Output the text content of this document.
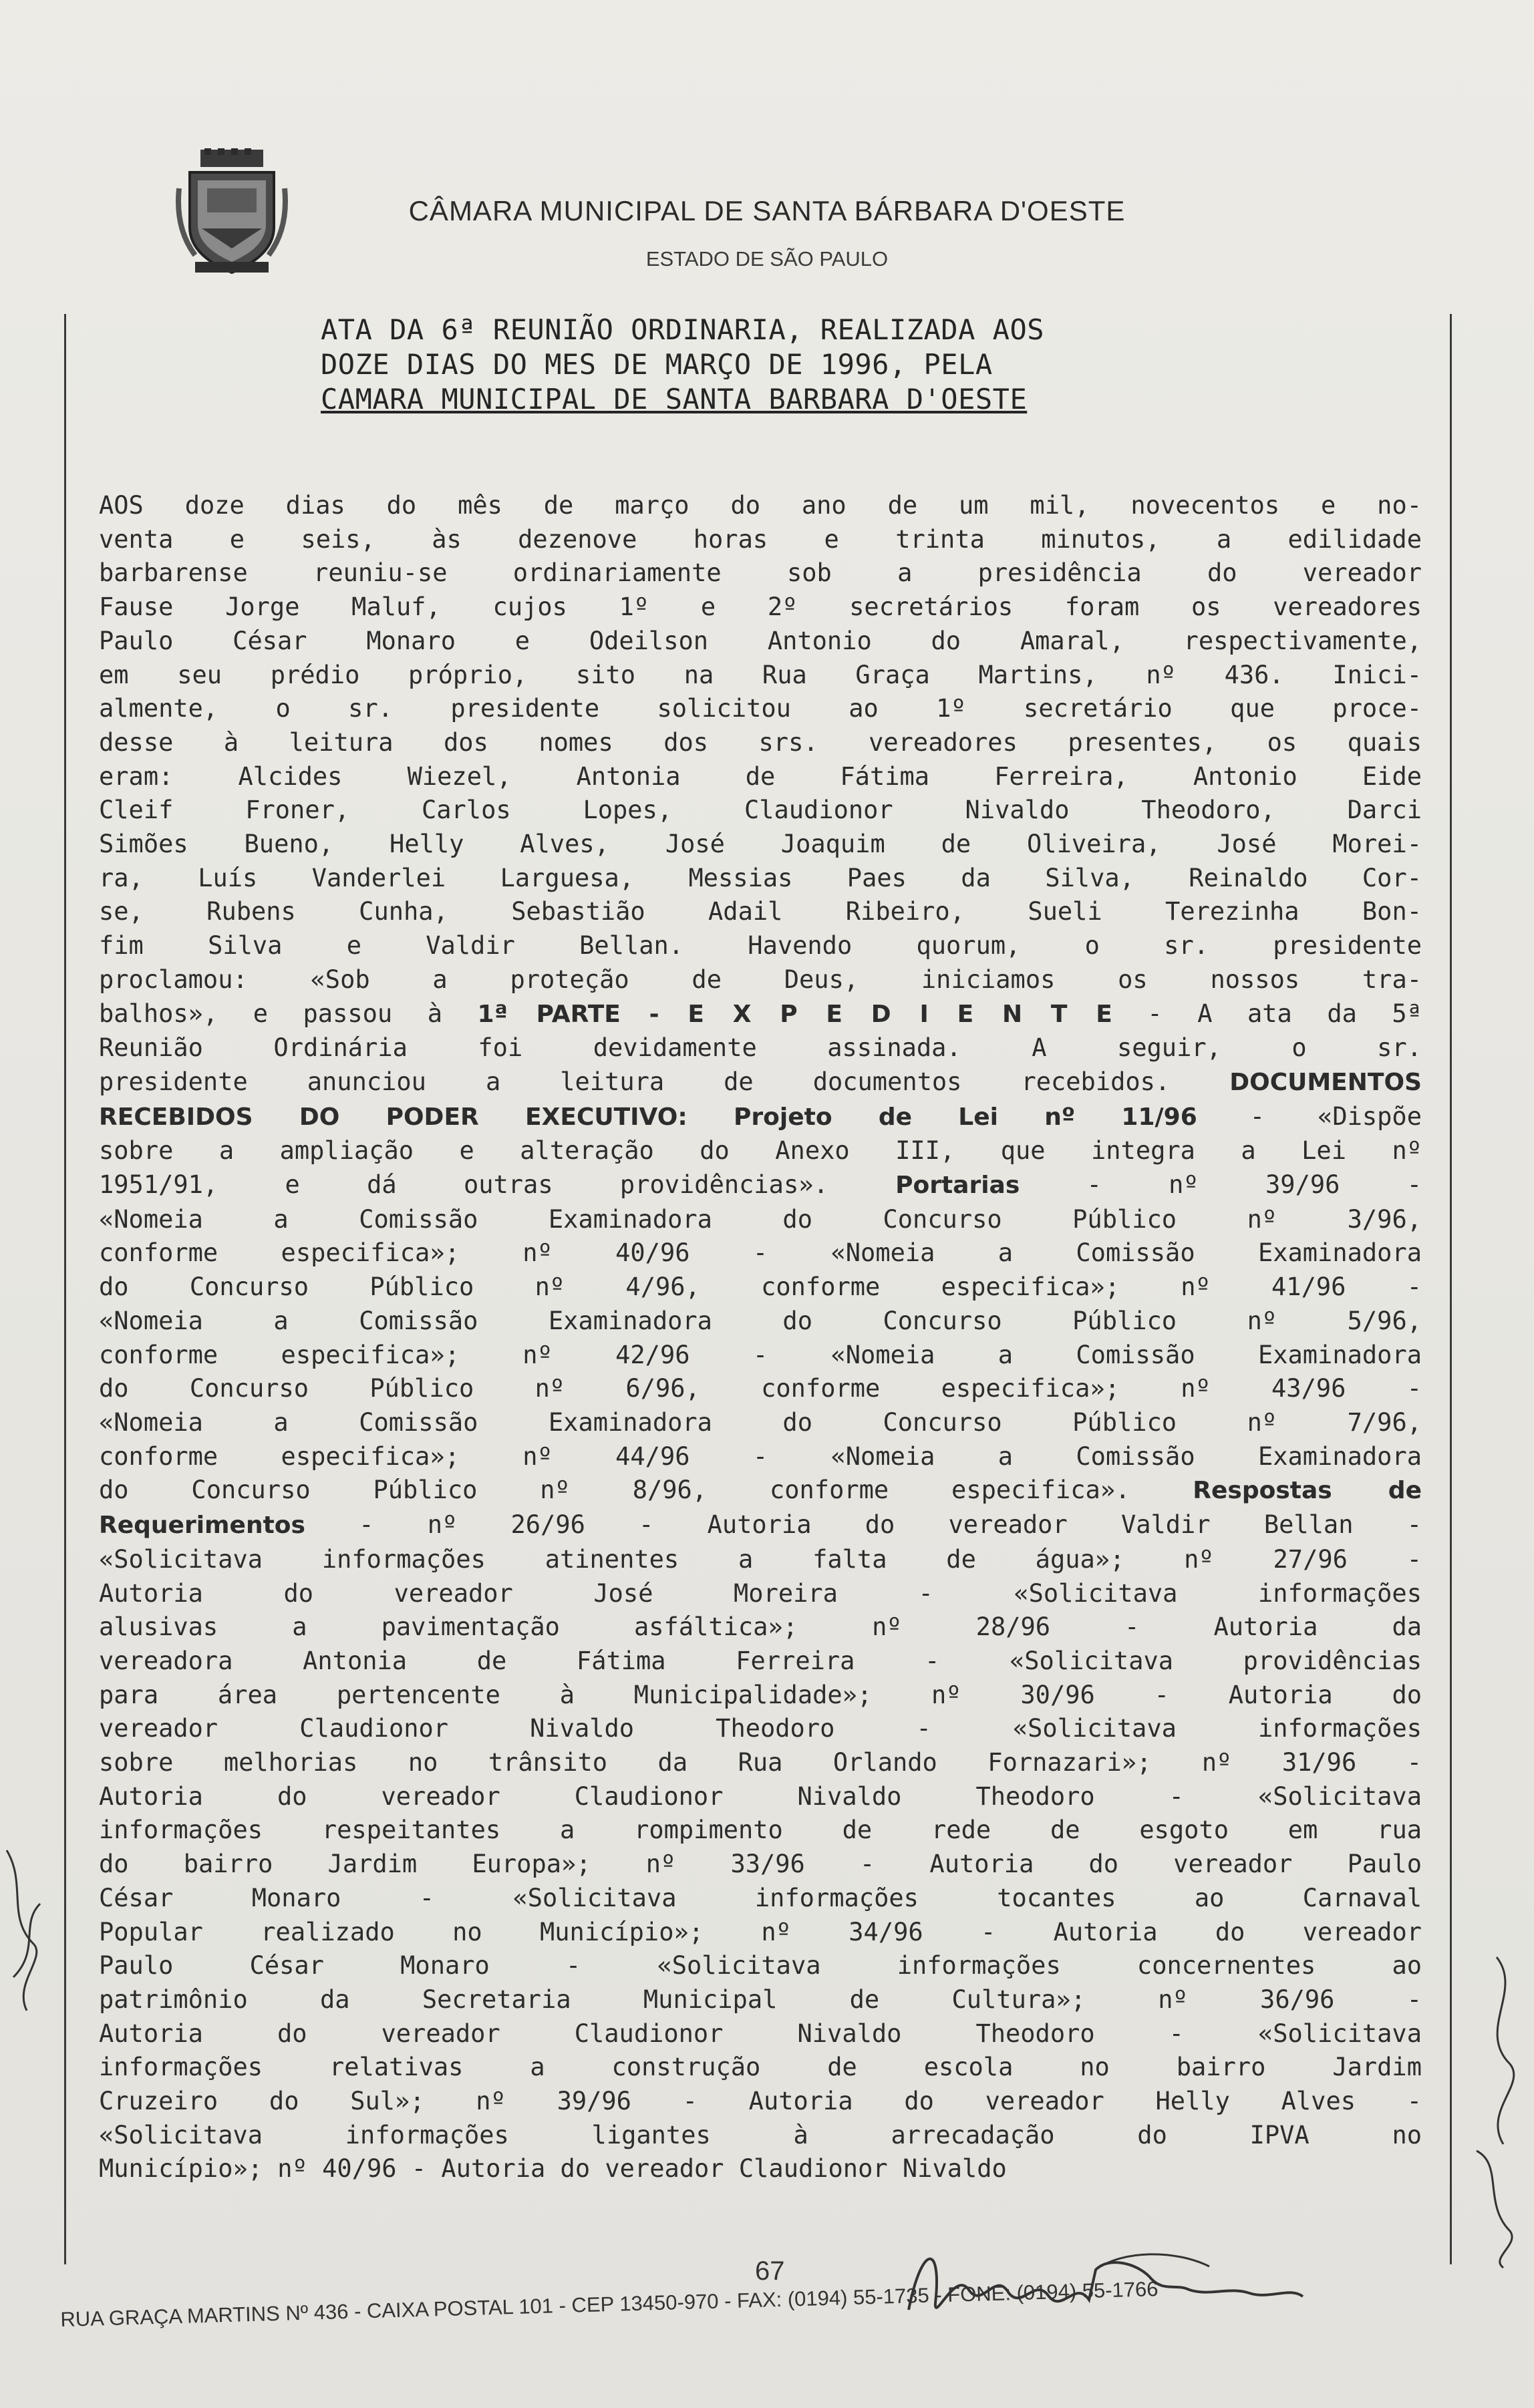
CÂMARA MUNICIPAL DE SANTA BÁRBARA D'OESTE
ESTADO DE SÃO PAULO
ATA DA 6ª REUNIÃO ORDINARIA, REALIZADA AOS
DOZE DIAS DO MES DE MARÇO DE 1996, PELA
CAMARA MUNICIPAL DE SANTA BARBARA D'OESTE
AOS doze dias do mês de março do ano de um mil, novecentos e no-
venta e seis, às dezenove horas e trinta minutos, a edilidade
barbarense reuniu-se ordinariamente sob a presidência do vereador
Fause Jorge Maluf, cujos 1º e 2º secretários foram os vereadores
Paulo César Monaro e Odeilson Antonio do Amaral, respectivamente,
em seu prédio próprio, sito na Rua Graça Martins, nº 436. Inici-
almente, o sr. presidente solicitou ao 1º secretário que proce-
desse à leitura dos nomes dos srs. vereadores presentes, os quais
eram: Alcides Wiezel, Antonia de Fátima Ferreira, Antonio Eide
Cleif Froner, Carlos Lopes, Claudionor Nivaldo Theodoro, Darci
Simões Bueno, Helly Alves, José Joaquim de Oliveira, José Morei-
ra, Luís Vanderlei Larguesa, Messias Paes da Silva, Reinaldo Cor-
se, Rubens Cunha, Sebastião Adail Ribeiro, Sueli Terezinha Bon-
fim Silva e Valdir Bellan. Havendo quorum, o sr. presidente
proclamou: «Sob a proteção de Deus, iniciamos os nossos tra-
balhos», e passou à 1ª PARTE - E X P E D I E N T E - A ata da 5ª
Reunião Ordinária foi devidamente assinada. A seguir, o sr.
presidente anunciou a leitura de documentos recebidos. DOCUMENTOS
RECEBIDOS DO PODER EXECUTIVO: Projeto de Lei nº 11/96 - «Dispõe
sobre a ampliação e alteração do Anexo III, que integra a Lei nº
1951/91, e dá outras providências». Portarias - nº 39/96 -
«Nomeia a Comissão Examinadora do Concurso Público nº 3/96,
conforme especifica»; nº 40/96 - «Nomeia a Comissão Examinadora
do Concurso Público nº 4/96, conforme especifica»; nº 41/96 -
«Nomeia a Comissão Examinadora do Concurso Público nº 5/96,
conforme especifica»; nº 42/96 - «Nomeia a Comissão Examinadora
do Concurso Público nº 6/96, conforme especifica»; nº 43/96 -
«Nomeia a Comissão Examinadora do Concurso Público nº 7/96,
conforme especifica»; nº 44/96 - «Nomeia a Comissão Examinadora
do Concurso Público nº 8/96, conforme especifica». Respostas de
Requerimentos - nº 26/96 - Autoria do vereador Valdir Bellan -
«Solicitava informações atinentes a falta de água»; nº 27/96 -
Autoria do vereador José Moreira - «Solicitava informações
alusivas a pavimentação asfáltica»; nº 28/96 - Autoria da
vereadora Antonia de Fátima Ferreira - «Solicitava providências
para área pertencente à Municipalidade»; nº 30/96 - Autoria do
vereador Claudionor Nivaldo Theodoro - «Solicitava informações
sobre melhorias no trânsito da Rua Orlando Fornazari»; nº 31/96 -
Autoria do vereador Claudionor Nivaldo Theodoro - «Solicitava
informações respeitantes a rompimento de rede de esgoto em rua
do bairro Jardim Europa»; nº 33/96 - Autoria do vereador Paulo
César Monaro - «Solicitava informações tocantes ao Carnaval
Popular realizado no Município»; nº 34/96 - Autoria do vereador
Paulo César Monaro - «Solicitava informações concernentes ao
patrimônio da Secretaria Municipal de Cultura»; nº 36/96 -
Autoria do vereador Claudionor Nivaldo Theodoro - «Solicitava
informações relativas a construção de escola no bairro Jardim
Cruzeiro do Sul»; nº 39/96 - Autoria do vereador Helly Alves -
«Solicitava informações ligantes à arrecadação do IPVA no
Município»; nº 40/96 - Autoria do vereador Claudionor Nivaldo
67
RUA GRAÇA MARTINS Nº 436 - CAIXA POSTAL 101 - CEP 13450-970 - FAX: (0194) 55-1735 - FONE: (0194) 55-1766
